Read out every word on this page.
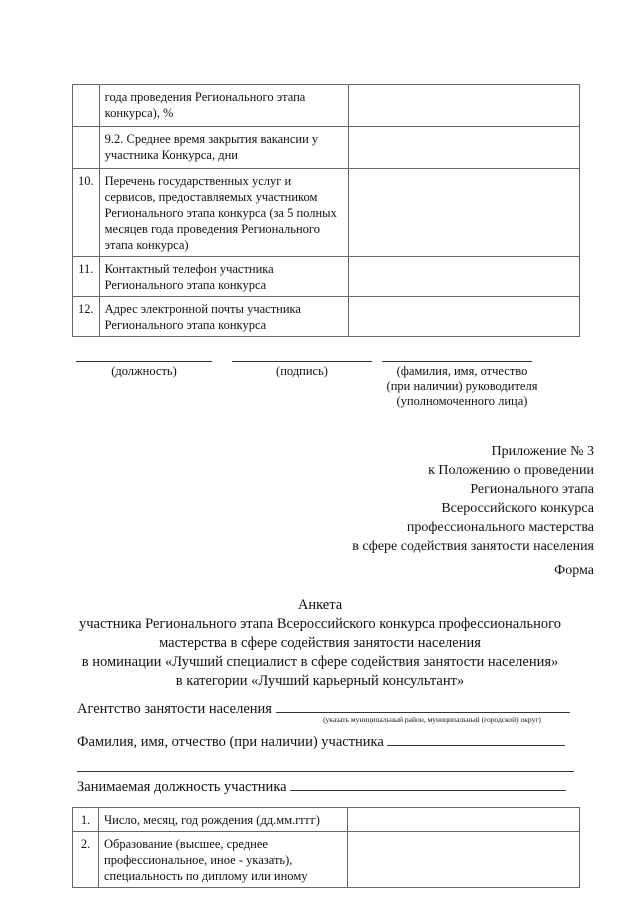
	года проведения Регионального этапа конкурса), %	
	9.2. Среднее время закрытия вакансии у участника Конкурса, дни	
10.	Перечень государственных услуг и сервисов, предоставляемых участником Регионального этапа конкурса (за 5 полных месяцев года проведения Регионального этапа конкурса)	
11.	Контактный телефон участника Регионального этапа конкурса	
12.	Адрес электронной почты участника Регионального этапа конкурса	
(должность)	(подпись)	(фамилия, имя, отчество
(при наличии) руководителя
(уполномоченного лица)
Приложение № 3
к Положению о проведении
Регионального этапа
Всероссийского конкурса
профессионального мастерства
в сфере содействия занятости населения
Форма
Анкета
участника Регионального этапа Всероссийского конкурса профессионального
мастерства в сфере содействия занятости населения
в номинации «Лучший специалист в сфере содействия занятости населения»
в категории «Лучший карьерный консультант»
Агентство занятости населения
(указать муниципальный район, муниципальный (городской) округ)
Фамилия, имя, отчество (при наличии) участника
Занимаемая должность участника
1.	Число, месяц, год рождения (дд.мм.гггг)	
2.	Образование (высшее, среднее профессиональное, иное - указать), специальность по диплому или иному	
